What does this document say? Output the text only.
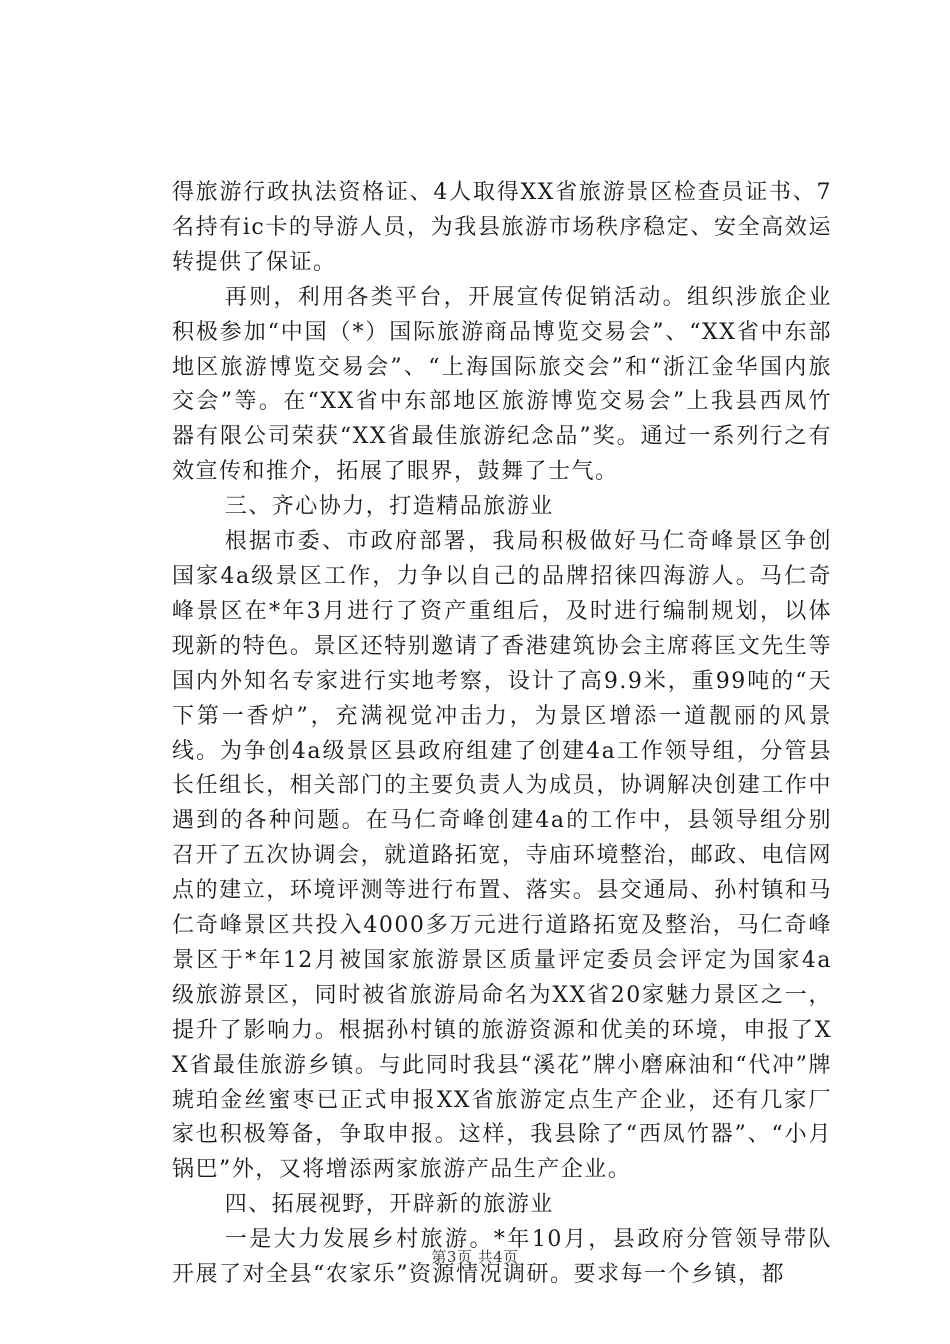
得旅游行政执法资格证、4人取得XX省旅游景区检查员证书、7名持有ic卡的导游人员，为我县旅游市场秩序稳定、安全高效运转提供了保证。

再则，利用各类平台，开展宣传促销活动。组织涉旅企业积极参加“中国（*）国际旅游商品博览交易会”、“XX省中东部地区旅游博览交易会”、“上海国际旅交会”和“浙江金华国内旅交会”等。在“XX省中东部地区旅游博览交易会”上我县西凤竹器有限公司荣获“XX省最佳旅游纪念品”奖。通过一系列行之有效宣传和推介，拓展了眼界，鼓舞了士气。

三、齐心协力，打造精品旅游业

根据市委、市政府部署，我局积极做好马仁奇峰景区争创国家4a级景区工作，力争以自己的品牌招徕四海游人。马仁奇峰景区在*年3月进行了资产重组后，及时进行编制规划，以体现新的特色。景区还特别邀请了香港建筑协会主席蒋匡文先生等国内外知名专家进行实地考察，设计了高9.9米，重99吨的“天下第一香炉”，充满视觉冲击力，为景区增添一道靓丽的风景线。为争创4a级景区县政府组建了创建4a工作领导组，分管县长任组长，相关部门的主要负责人为成员，协调解决创建工作中遇到的各种问题。在马仁奇峰创建4a的工作中，县领导组分别召开了五次协调会，就道路拓宽，寺庙环境整治，邮政、电信网点的建立，环境评测等进行布置、落实。县交通局、孙村镇和马仁奇峰景区共投入4000多万元进行道路拓宽及整治，马仁奇峰景区于*年12月被国家旅游景区质量评定委员会评定为国家4a级旅游景区，同时被省旅游局命名为XX省20家魅力景区之一，提升了影响力。根据孙村镇的旅游资源和优美的环境，申报了XX省最佳旅游乡镇。与此同时我县“溪花”牌小磨麻油和“代冲”牌琥珀金丝蜜枣已正式申报XX省旅游定点生产企业，还有几家厂家也积极筹备，争取申报。这样，我县除了“西凤竹器”、“小月锅巴”外，又将增添两家旅游产品生产企业。

四、拓展视野，开辟新的旅游业

一是大力发展乡村旅游。*年10月，县政府分管领导带队开展了对全县“农家乐”资源情况调研。要求每一个乡镇，都

第3页 共4页
